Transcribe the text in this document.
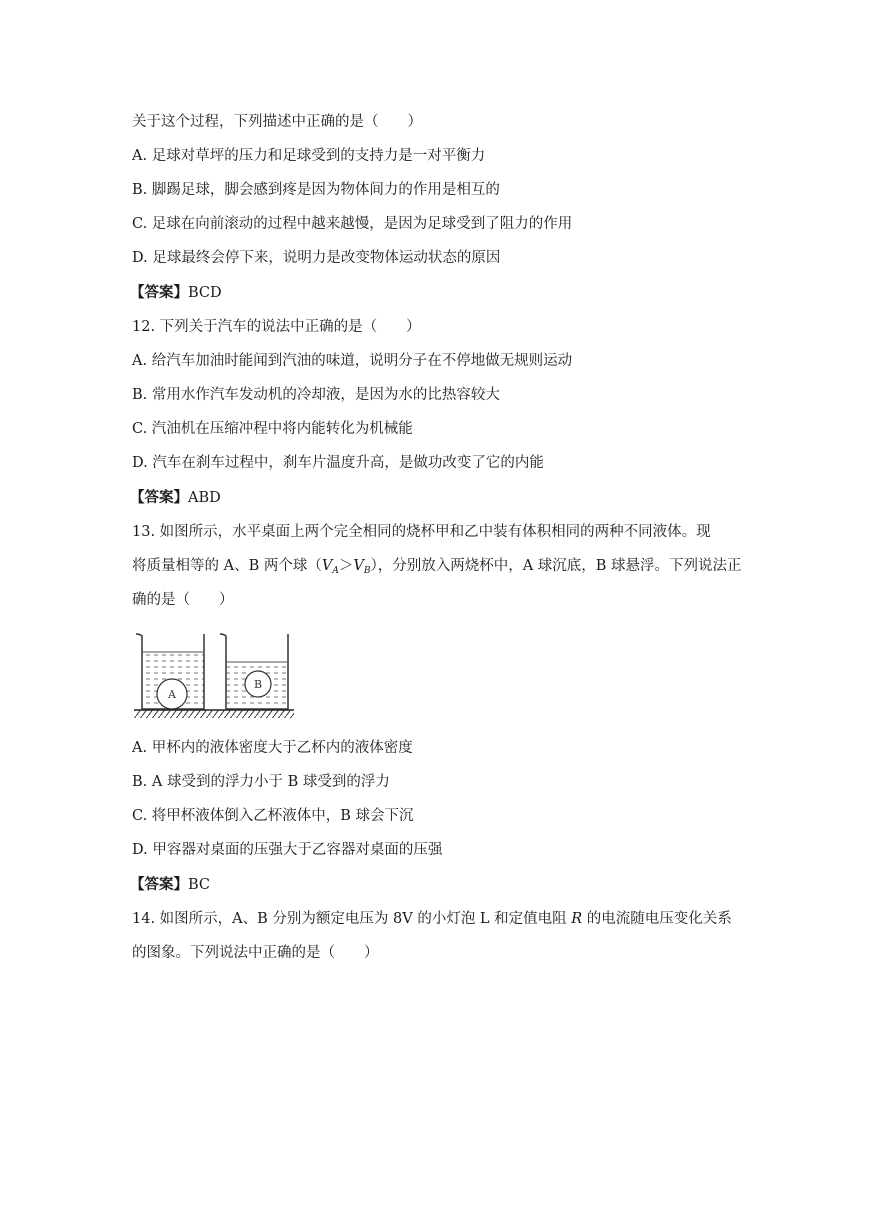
关于这个过程，下列描述中正确的是（　　）

A. 足球对草坪的压力和足球受到的支持力是一对平衡力

B. 脚踢足球，脚会感到疼是因为物体间力的作用是相互的

C. 足球在向前滚动的过程中越来越慢，是因为足球受到了阻力的作用

D. 足球最终会停下来，说明力是改变物体运动状态的原因

【答案】BCD

12. 下列关于汽车的说法中正确的是（　　）

A. 给汽车加油时能闻到汽油的味道，说明分子在不停地做无规则运动

B. 常用水作汽车发动机的冷却液，是因为水的比热容较大

C. 汽油机在压缩冲程中将内能转化为机械能

D. 汽车在刹车过程中，刹车片温度升高，是做功改变了它的内能

【答案】ABD

13. 如图所示，水平桌面上两个完全相同的烧杯甲和乙中装有体积相同的两种不同液体。现

将质量相等的 A、B 两个球$(V_A>V_B)$，分别放入两烧杯中，A 球沉底，B 球悬浮。下列说法正

确的是（　　）

A
B

A. 甲杯内的液体密度大于乙杯内的液体密度

B. A 球受到的浮力小于 B 球受到的浮力

C. 将甲杯液体倒入乙杯液体中，B 球会下沉

D. 甲容器对桌面的压强大于乙容器对桌面的压强

【答案】BC

14. 如图所示，A、B 分别为额定电压为 8V 的小灯泡 L 和定值电阻 R 的电流随电压变化关系

的图象。下列说法中正确的是（　　）
